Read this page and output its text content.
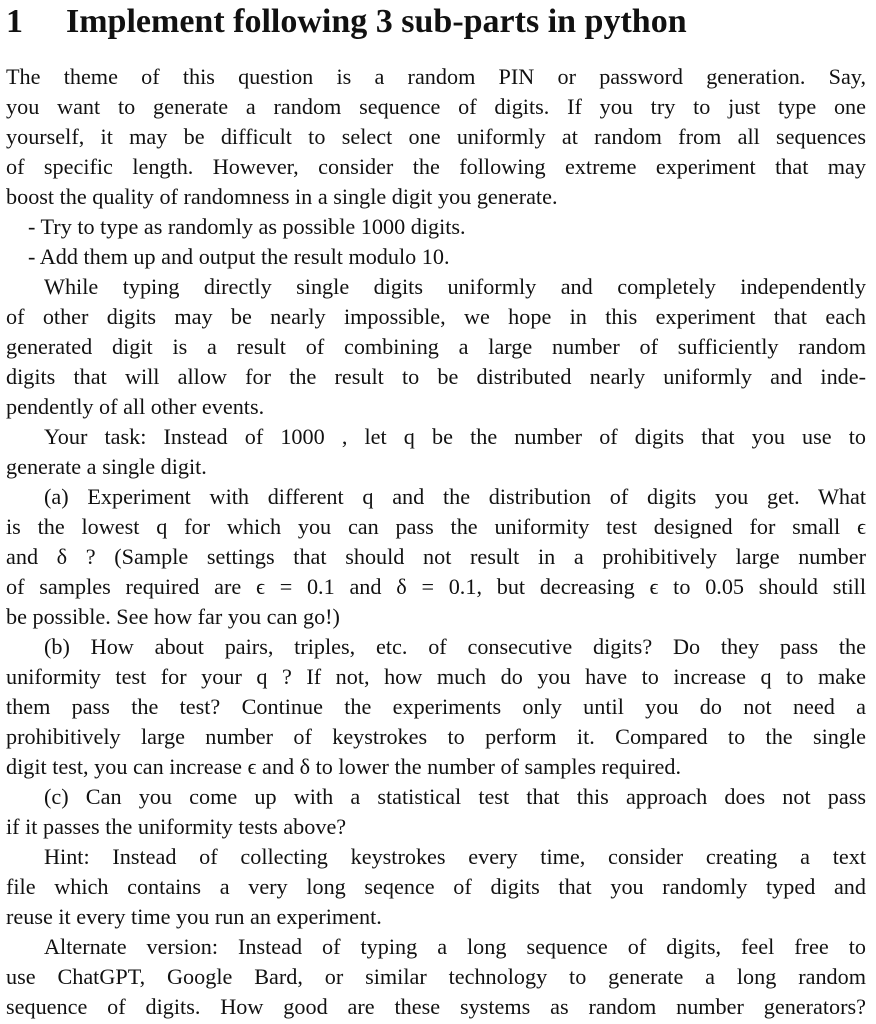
1	Implement following 3 sub-parts in python
The theme of this question is a random PIN or password generation. Say,
you want to generate a random sequence of digits. If you try to just type one
yourself, it may be difficult to select one uniformly at random from all sequences
of specific length. However, consider the following extreme experiment that may
boost the quality of randomness in a single digit you generate.
- Try to type as randomly as possible 1000 digits.
- Add them up and output the result modulo 10.
While typing directly single digits uniformly and completely independently
of other digits may be nearly impossible, we hope in this experiment that each
generated digit is a result of combining a large number of sufficiently random
digits that will allow for the result to be distributed nearly uniformly and inde-
pendently of all other events.
Your task: Instead of 1000 , let q be the number of digits that you use to
generate a single digit.
(a) Experiment with different q and the distribution of digits you get. What
is the lowest q for which you can pass the uniformity test designed for small ϵ
and δ ? (Sample settings that should not result in a prohibitively large number
of samples required are ϵ = 0.1 and δ = 0.1, but decreasing ϵ to 0.05 should still
be possible. See how far you can go!)
(b) How about pairs, triples, etc. of consecutive digits? Do they pass the
uniformity test for your q ? If not, how much do you have to increase q to make
them pass the test? Continue the experiments only until you do not need a
prohibitively large number of keystrokes to perform it. Compared to the single
digit test, you can increase ϵ and δ to lower the number of samples required.
(c) Can you come up with a statistical test that this approach does not pass
if it passes the uniformity tests above?
Hint: Instead of collecting keystrokes every time, consider creating a text
file which contains a very long seqence of digits that you randomly typed and
reuse it every time you run an experiment.
Alternate version: Instead of typing a long sequence of digits, feel free to
use ChatGPT, Google Bard, or similar technology to generate a long random
sequence of digits. How good are these systems as random number generators?
